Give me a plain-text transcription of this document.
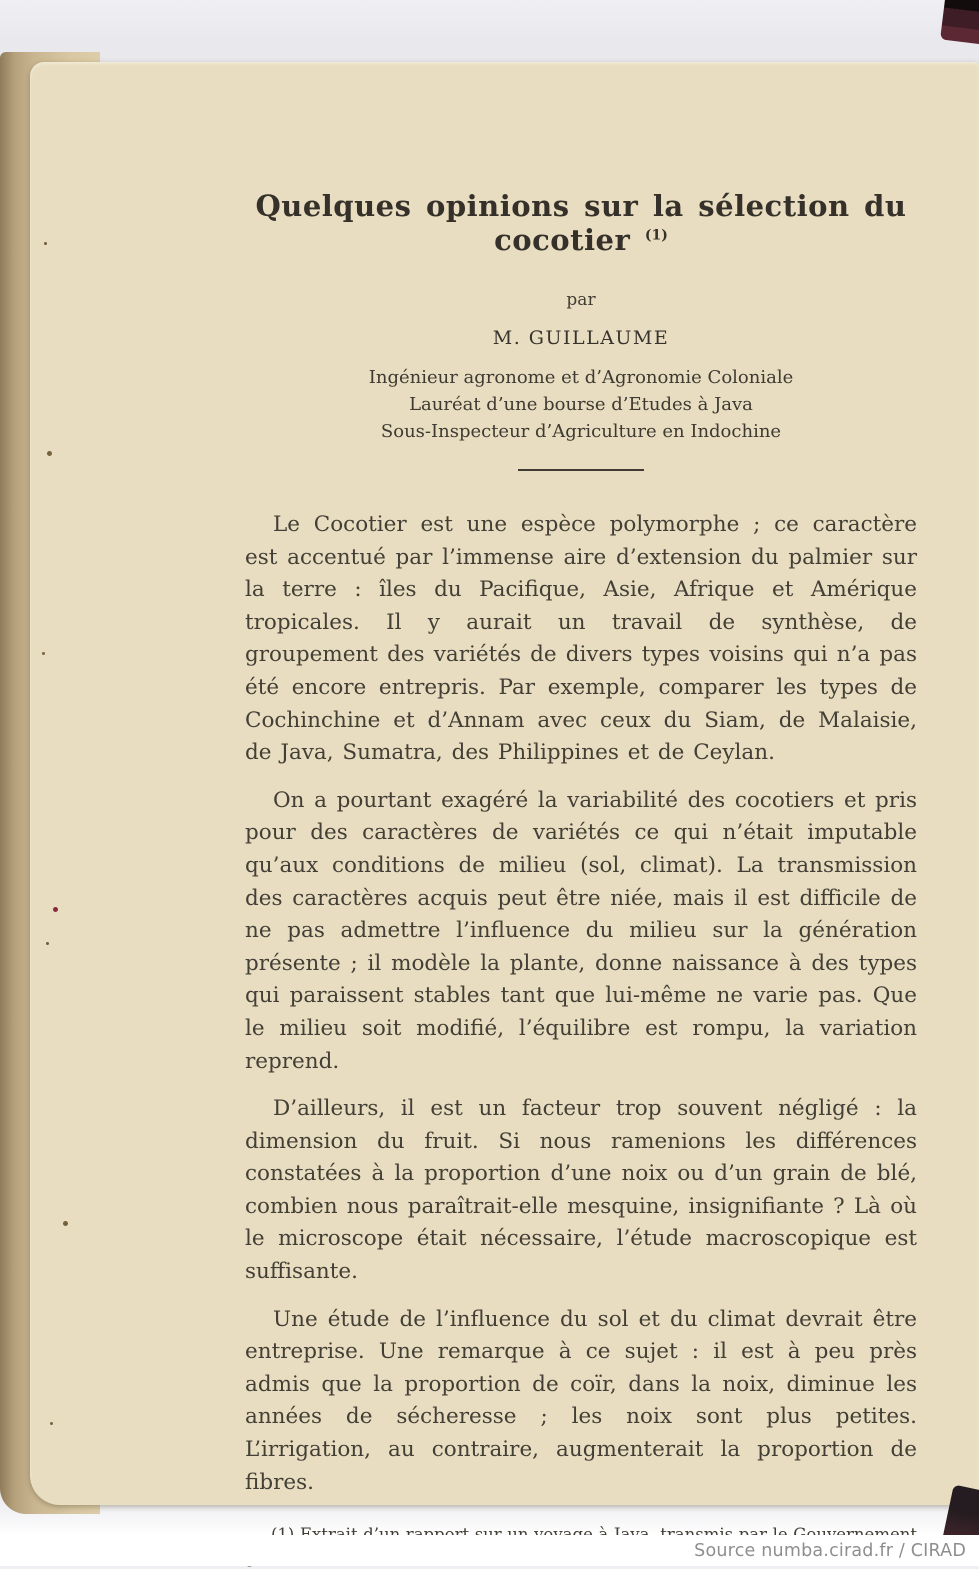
Quelques opinions sur la sélection du cocotier $^{(1)}$
par
M. GUILLAUME
Ingénieur agronome et d’Agronomie Coloniale
Lauréat d’une bourse d’Etudes à Java
Sous-Inspecteur d’Agriculture en Indochine

Le Cocotier est une espèce polymorphe ; ce caractère est accentué par l’immense aire d’extension du palmier sur la terre : îles du Pacifique, Asie, Afrique et Amérique tropicales. Il y aurait un travail de synthèse, de groupement des variétés de divers types voisins qui n’a pas été encore entrepris. Par exemple, comparer les types de Cochinchine et d’Annam avec ceux du Siam, de Malaisie, de Java, Sumatra, des Philippines et de Ceylan.

On a pourtant exagéré la variabilité des cocotiers et pris pour des caractères de variétés ce qui n’était imputable qu’aux conditions de milieu (sol, climat). La transmission des caractères acquis peut être niée, mais il est difficile de ne pas admettre l’influence du milieu sur la génération présente ; il modèle la plante, donne naissance à des types qui paraissent stables tant que lui-même ne varie pas. Que le milieu soit modifié, l’équilibre est rompu, la variation reprend.

D’ailleurs, il est un facteur trop souvent négligé : la dimension du fruit. Si nous ramenions les différences constatées à la proportion d’une noix ou d’un grain de blé, combien nous paraîtrait-elle mesquine, insignifiante ? Là où le microscope était nécessaire, l’étude macroscopique est suffisante.

Une étude de l’influence du sol et du climat devrait être entreprise. Une remarque à ce sujet : il est à peu près admis que la proportion de coïr, dans la noix, diminue les années de sécheresse ; les noix sont plus petites. L’irrigation, au contraire, augmenterait la proportion de fibres.

Source numba.cirad.fr / CIRAD
